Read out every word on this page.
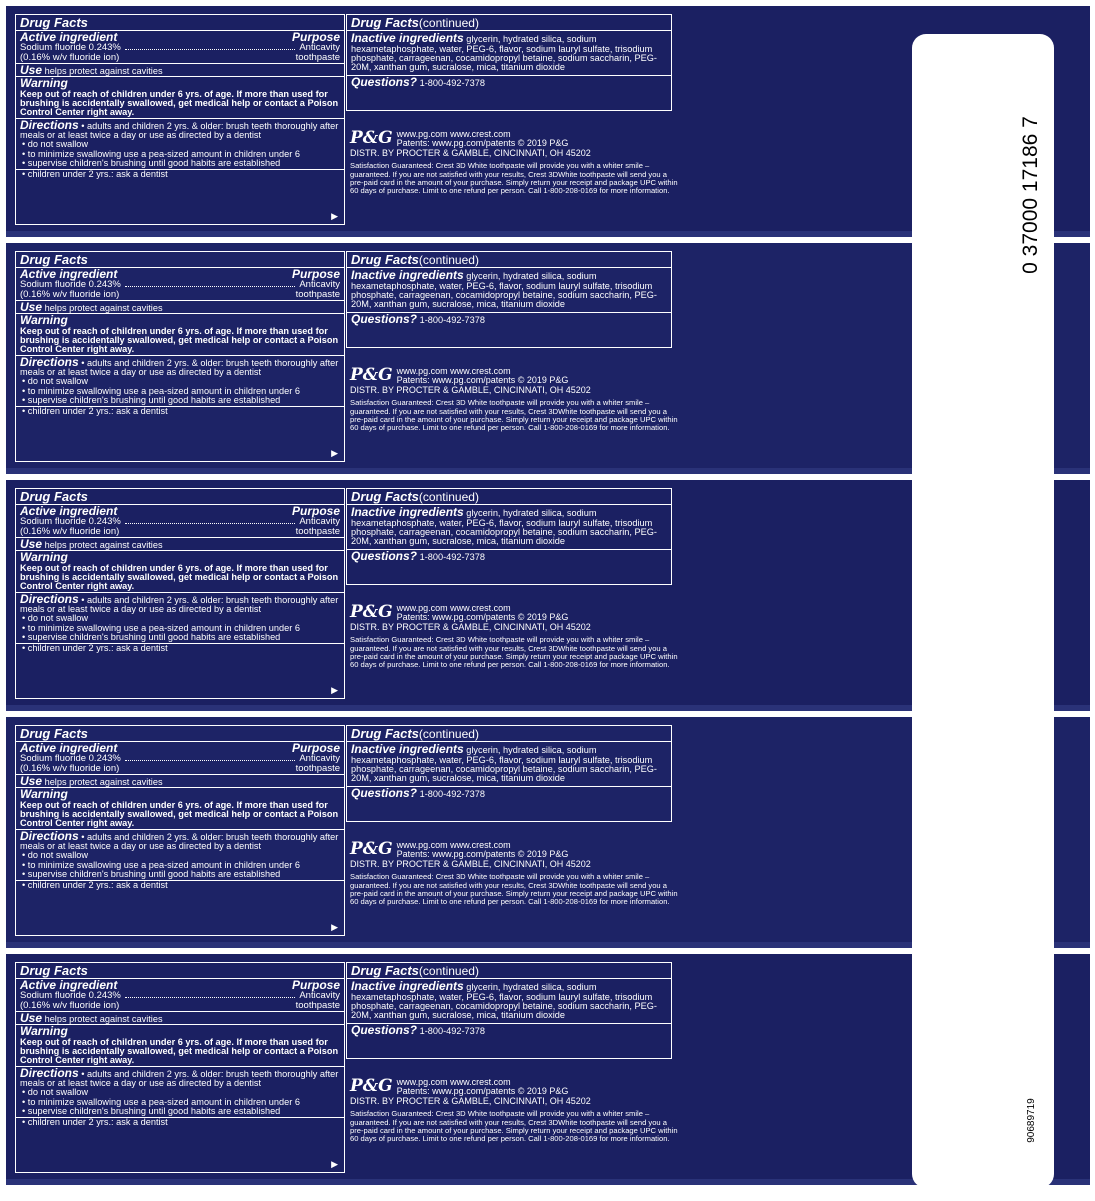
Drug Facts
Active ingredient	Purpose
Sodium fluoride 0.243%	Anticavity
(0.16% w/v fluoride ion)	toothpaste
Use helps protect against cavities
Warning
Keep out of reach of children under 6 yrs. of age. If more than used for brushing is accidentally swallowed, get medical help or contact a Poison Control Center right away.
Directions • adults and children 2 yrs. & older: brush teeth thoroughly after meals or at least twice a day or use as directed by a dentist
• do not swallow
• to minimize swallowing use a pea-sized amount in children under 6
• supervise children's brushing until good habits are established
• children under 2 yrs.: ask a dentist
▶
Drug Facts(continued)
Inactive ingredients glycerin, hydrated silica, sodium hexametaphosphate, water, PEG-6, flavor, sodium lauryl sulfate, trisodium phosphate, carrageenan, cocamidopropyl betaine, sodium saccharin, PEG-20M, xanthan gum, sucralose, mica, titanium dioxide
Questions? 1-800-492-7378
P&G www.pg.com www.crest.com
Patents: www.pg.com/patents © 2019 P&G
DISTR. BY PROCTER & GAMBLE, CINCINNATI, OH 45202
Satisfaction Guaranteed: Crest 3D White toothpaste will provide you with a whiter smile – guaranteed. If you are not satisfied with your results, Crest 3DWhite toothpaste will send you a pre-paid card in the amount of your purchase. Simply return your receipt and package UPC within 60 days of purchase. Limit to one refund per person. Call 1-800-208-0169 for more information.
Drug Facts
Active ingredient	Purpose
Sodium fluoride 0.243%	Anticavity
(0.16% w/v fluoride ion)	toothpaste
Use helps protect against cavities
Warning
Keep out of reach of children under 6 yrs. of age. If more than used for brushing is accidentally swallowed, get medical help or contact a Poison Control Center right away.
Directions • adults and children 2 yrs. & older: brush teeth thoroughly after meals or at least twice a day or use as directed by a dentist
• do not swallow
• to minimize swallowing use a pea-sized amount in children under 6
• supervise children's brushing until good habits are established
• children under 2 yrs.: ask a dentist
▶
Drug Facts(continued)
Inactive ingredients glycerin, hydrated silica, sodium hexametaphosphate, water, PEG-6, flavor, sodium lauryl sulfate, trisodium phosphate, carrageenan, cocamidopropyl betaine, sodium saccharin, PEG-20M, xanthan gum, sucralose, mica, titanium dioxide
Questions? 1-800-492-7378
P&G www.pg.com www.crest.com
Patents: www.pg.com/patents © 2019 P&G
DISTR. BY PROCTER & GAMBLE, CINCINNATI, OH 45202
Satisfaction Guaranteed: Crest 3D White toothpaste will provide you with a whiter smile – guaranteed. If you are not satisfied with your results, Crest 3DWhite toothpaste will send you a pre-paid card in the amount of your purchase. Simply return your receipt and package UPC within 60 days of purchase. Limit to one refund per person. Call 1-800-208-0169 for more information.
Drug Facts
Active ingredient	Purpose
Sodium fluoride 0.243%	Anticavity
(0.16% w/v fluoride ion)	toothpaste
Use helps protect against cavities
Warning
Keep out of reach of children under 6 yrs. of age. If more than used for brushing is accidentally swallowed, get medical help or contact a Poison Control Center right away.
Directions • adults and children 2 yrs. & older: brush teeth thoroughly after meals or at least twice a day or use as directed by a dentist
• do not swallow
• to minimize swallowing use a pea-sized amount in children under 6
• supervise children's brushing until good habits are established
• children under 2 yrs.: ask a dentist
▶
Drug Facts(continued)
Inactive ingredients glycerin, hydrated silica, sodium hexametaphosphate, water, PEG-6, flavor, sodium lauryl sulfate, trisodium phosphate, carrageenan, cocamidopropyl betaine, sodium saccharin, PEG-20M, xanthan gum, sucralose, mica, titanium dioxide
Questions? 1-800-492-7378
P&G www.pg.com www.crest.com
Patents: www.pg.com/patents © 2019 P&G
DISTR. BY PROCTER & GAMBLE, CINCINNATI, OH 45202
Satisfaction Guaranteed: Crest 3D White toothpaste will provide you with a whiter smile – guaranteed. If you are not satisfied with your results, Crest 3DWhite toothpaste will send you a pre-paid card in the amount of your purchase. Simply return your receipt and package UPC within 60 days of purchase. Limit to one refund per person. Call 1-800-208-0169 for more information.
Drug Facts
Active ingredient	Purpose
Sodium fluoride 0.243%	Anticavity
(0.16% w/v fluoride ion)	toothpaste
Use helps protect against cavities
Warning
Keep out of reach of children under 6 yrs. of age. If more than used for brushing is accidentally swallowed, get medical help or contact a Poison Control Center right away.
Directions • adults and children 2 yrs. & older: brush teeth thoroughly after meals or at least twice a day or use as directed by a dentist
• do not swallow
• to minimize swallowing use a pea-sized amount in children under 6
• supervise children's brushing until good habits are established
• children under 2 yrs.: ask a dentist
▶
Drug Facts(continued)
Inactive ingredients glycerin, hydrated silica, sodium hexametaphosphate, water, PEG-6, flavor, sodium lauryl sulfate, trisodium phosphate, carrageenan, cocamidopropyl betaine, sodium saccharin, PEG-20M, xanthan gum, sucralose, mica, titanium dioxide
Questions? 1-800-492-7378
P&G www.pg.com www.crest.com
Patents: www.pg.com/patents © 2019 P&G
DISTR. BY PROCTER & GAMBLE, CINCINNATI, OH 45202
Satisfaction Guaranteed: Crest 3D White toothpaste will provide you with a whiter smile – guaranteed. If you are not satisfied with your results, Crest 3DWhite toothpaste will send you a pre-paid card in the amount of your purchase. Simply return your receipt and package UPC within 60 days of purchase. Limit to one refund per person. Call 1-800-208-0169 for more information.
Drug Facts
Active ingredient	Purpose
Sodium fluoride 0.243%	Anticavity
(0.16% w/v fluoride ion)	toothpaste
Use helps protect against cavities
Warning
Keep out of reach of children under 6 yrs. of age. If more than used for brushing is accidentally swallowed, get medical help or contact a Poison Control Center right away.
Directions • adults and children 2 yrs. & older: brush teeth thoroughly after meals or at least twice a day or use as directed by a dentist
• do not swallow
• to minimize swallowing use a pea-sized amount in children under 6
• supervise children's brushing until good habits are established
• children under 2 yrs.: ask a dentist
▶
Drug Facts(continued)
Inactive ingredients glycerin, hydrated silica, sodium hexametaphosphate, water, PEG-6, flavor, sodium lauryl sulfate, trisodium phosphate, carrageenan, cocamidopropyl betaine, sodium saccharin, PEG-20M, xanthan gum, sucralose, mica, titanium dioxide
Questions? 1-800-492-7378
P&G www.pg.com www.crest.com
Patents: www.pg.com/patents © 2019 P&G
DISTR. BY PROCTER & GAMBLE, CINCINNATI, OH 45202
Satisfaction Guaranteed: Crest 3D White toothpaste will provide you with a whiter smile – guaranteed. If you are not satisfied with your results, Crest 3DWhite toothpaste will send you a pre-paid card in the amount of your purchase. Simply return your receipt and package UPC within 60 days of purchase. Limit to one refund per person. Call 1-800-208-0169 for more information.
0 37000 17186 7
90689719
